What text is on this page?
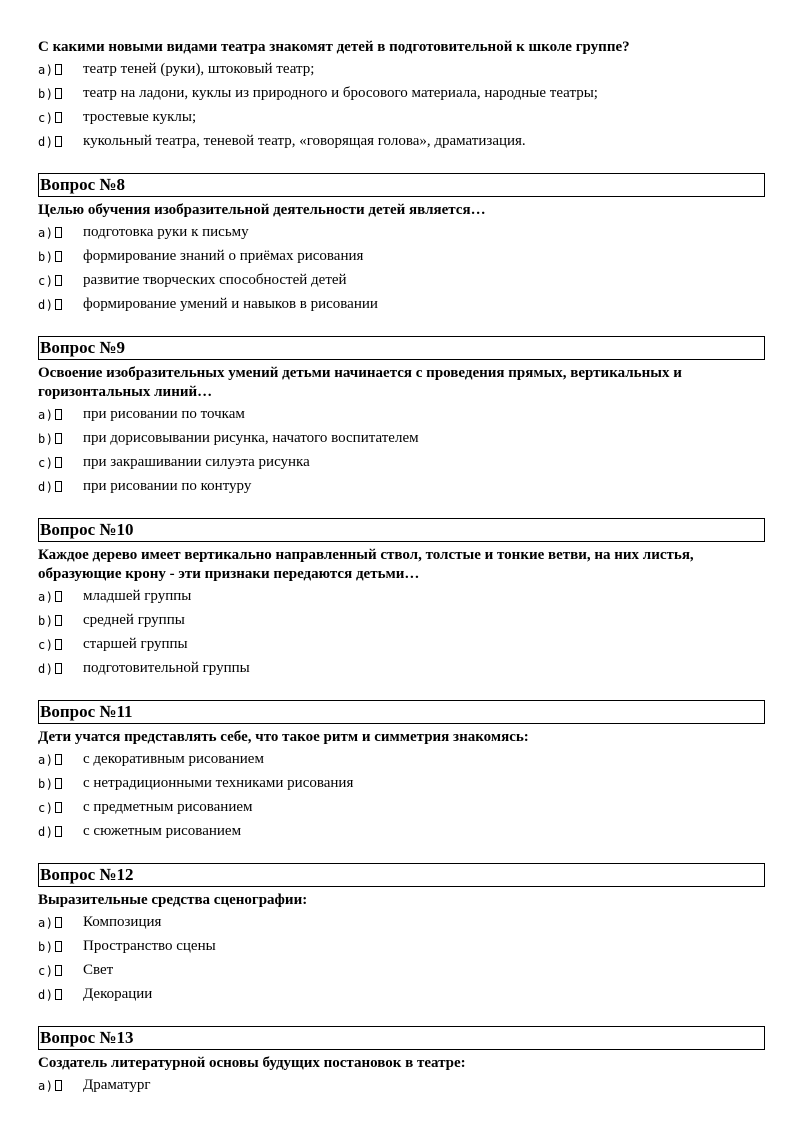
С какими новыми видами театра знакомят детей в подготовительной к школе группе?

a) театр теней (руки), штоковый театр;
b) театр на ладони, куклы из природного и бросового материала, народные театры;
c) тростевые куклы;
d) кукольный театра, теневой театр, «говорящая голова», драматизация.
Вопрос №8

Целью обучения изобразительной деятельности детей является…

a) подготовка руки к письму
b) формирование знаний о приёмах рисования
c) развитие творческих способностей детей
d) формирование умений и навыков в рисовании
Вопрос №9

Освоение изобразительных умений детьми начинается с проведения прямых, вертикальных и горизонтальных линий…

a) при рисовании по точкам
b) при дорисовывании рисунка, начатого воспитателем
c) при закрашивании силуэта рисунка
d) при рисовании по контуру
Вопрос №10

Каждое дерево имеет вертикально направленный ствол, толстые и тонкие ветви, на них листья, образующие крону - эти признаки передаются детьми…

a) младшей группы
b) средней группы
c) старшей группы
d) подготовительной группы
Вопрос №11

Дети учатся представлять себе, что такое ритм и симметрия знакомясь:

a) с декоративным рисованием
b) с нетрадиционными техниками рисования
c) с предметным рисованием
d) с сюжетным рисованием
Вопрос №12

Выразительные средства сценографии:

a) Композиция
b) Пространство сцены
c) Свет
d) Декорации
Вопрос №13

Создатель литературной основы будущих постановок в театре:

a) Драматург
